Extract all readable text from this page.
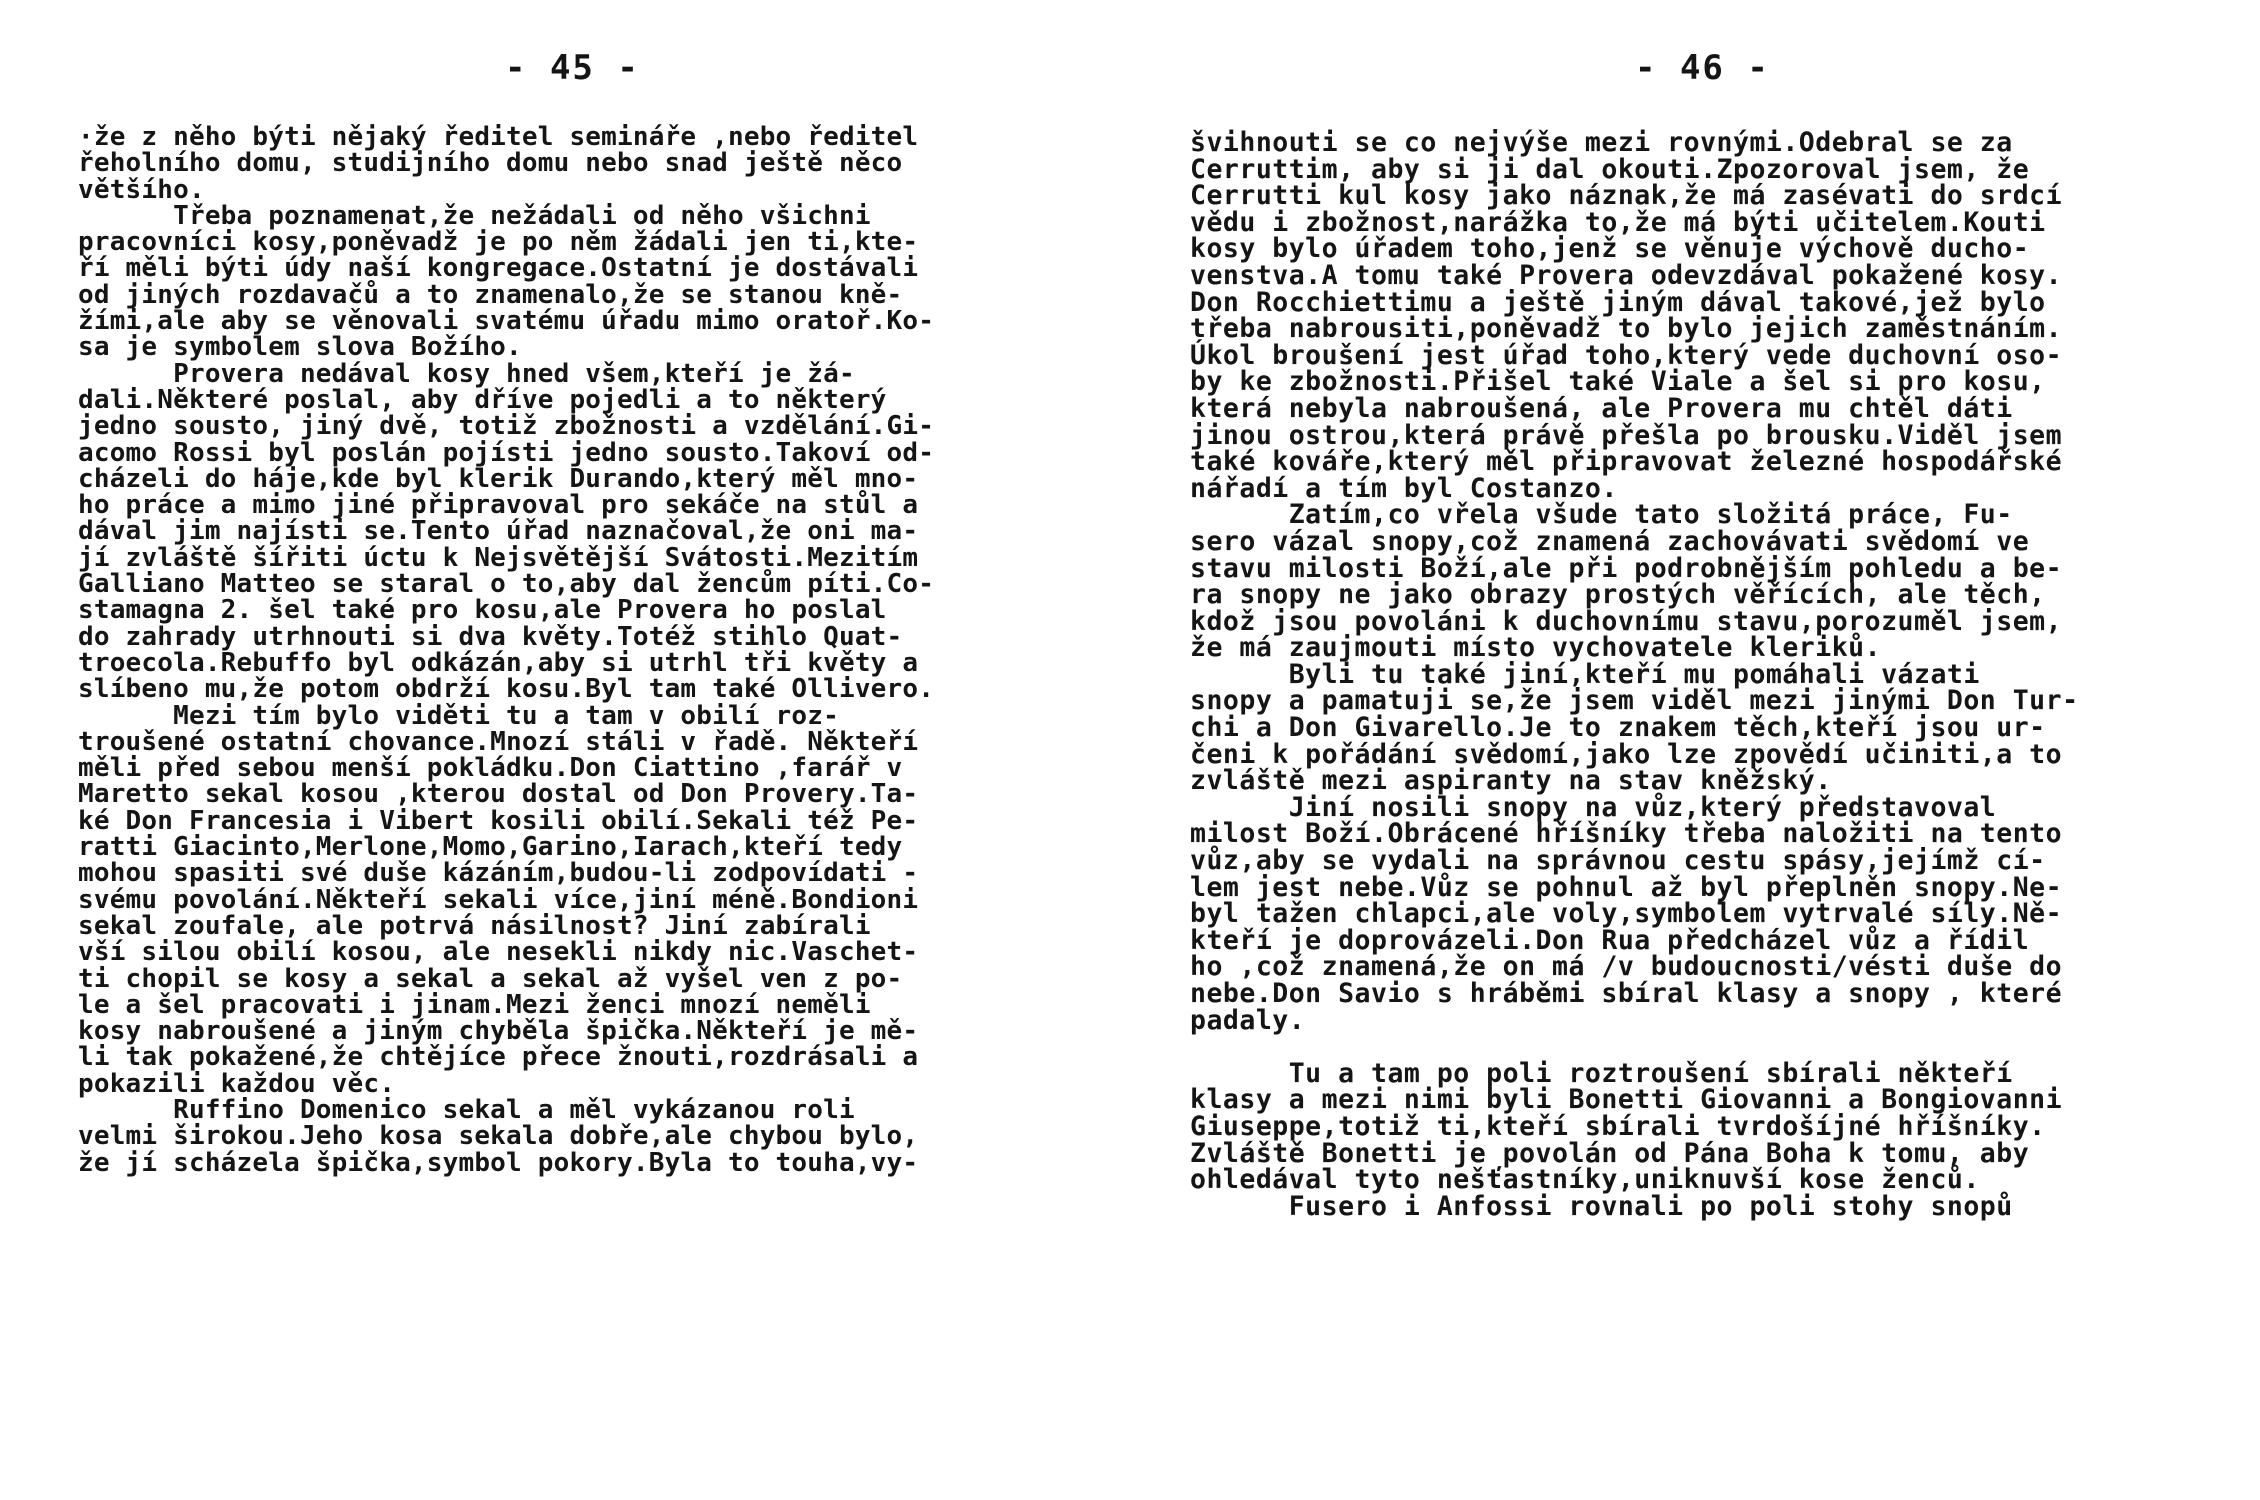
- 45 -

·že z něho býti nějaký ředitel semináře ,nebo ředitel
řeholního domu, studijního domu nebo snad ještě něco
většího.
Třeba poznamenat,že nežádali od něho všichni
pracovníci kosy,poněvadž je po něm žádali jen ti,kte-
ří měli býti údy naší kongregace.Ostatní je dostávali
od jiných rozdavačů a to znamenalo,že se stanou kně-
žími,ale aby se věnovali svatému úřadu mimo oratoř.Ko-
sa je symbolem slova Božího.
Provera nedával kosy hned všem,kteří je žá-
dali.Některé poslal, aby dříve pojedli a to některý
jedno sousto, jiný dvě, totiž zbožnosti a vzdělání.Gi-
acomo Rossi byl poslán pojísti jedno sousto.Takoví od-
cházeli do háje,kde byl klerik Durando,který měl mno-
ho práce a mimo jiné připravoval pro sekáče na stůl a
dával jim najísti se.Tento úřad naznačoval,že oni ma-
jí zvláště šířiti úctu k Nejsvětější Svátosti.Mezitím
Galliano Matteo se staral o to,aby dal žencům píti.Co-
stamagna 2. šel také pro kosu,ale Provera ho poslal
do zahrady utrhnouti si dva květy.Totéž stihlo Quat-
troecola.Rebuffo byl odkázán,aby si utrhl tři květy a
slíbeno mu,že potom obdrží kosu.Byl tam také Ollivero.
Mezi tím bylo viděti tu a tam v obilí roz-
troušené ostatní chovance.Mnozí stáli v řadě. Někteří
měli před sebou menší pokládku.Don Ciattino ,farář v
Maretto sekal kosou ,kterou dostal od Don Provery.Ta-
ké Don Francesia i Vibert kosili obilí.Sekali též Pe-
ratti Giacinto,Merlone,Momo,Garino,Iarach,kteří tedy
mohou spasiti své duše kázáním,budou-li zodpovídati -
svému povolání.Někteří sekali více,jiní méně.Bondioni
sekal zoufale, ale potrvá násilnost? Jiní zabírali
vší silou obilí kosou, ale nesekli nikdy nic.Vaschet-
ti chopil se kosy a sekal a sekal až vyšel ven z po-
le a šel pracovati i jinam.Mezi ženci mnozí neměli
kosy nabroušené a jiným chyběla špička.Někteří je mě-
li tak pokažené,že chtějíce přece žnouti,rozdrásali a
pokazili každou věc.
Ruffino Domenico sekal a měl vykázanou roli
velmi širokou.Jeho kosa sekala dobře,ale chybou bylo,
že jí scházela špička,symbol pokory.Byla to touha,vy-

- 46 -

švihnouti se co nejvýše mezi rovnými.Odebral se za
Cerruttim, aby si ji dal okouti.Zpozoroval jsem, že
Cerrutti kul kosy jako náznak,že má zasévati do srdcí
vědu i zbožnost,narážka to,že má býti učitelem.Kouti
kosy bylo úřadem toho,jenž se věnuje výchově ducho-
venstva.A tomu také Provera odevzdával pokažené kosy.
Don Rocchiettimu a ještě jiným dával takové,jež bylo
třeba nabrousiti,poněvadž to bylo jejich zaměstnáním.
Úkol broušení jest úřad toho,který vede duchovní oso-
by ke zbožnosti.Přišel také Viale a šel si pro kosu,
která nebyla nabroušená, ale Provera mu chtěl dáti
jinou ostrou,která právě přešla po brousku.Viděl jsem
také kováře,který měl připravovat železné hospodářské
nářadí a tím byl Costanzo.
Zatím,co vřela všude tato složitá práce, Fu-
sero vázal snopy,což znamená zachovávati svědomí ve
stavu milosti Boží,ale při podrobnějším pohledu a be-
ra snopy ne jako obrazy prostých věřících, ale těch,
kdož jsou povoláni k duchovnímu stavu,porozuměl jsem,
že má zaujmouti místo vychovatele kleriků.
Byli tu také jiní,kteří mu pomáhali vázati
snopy a pamatuji se,že jsem viděl mezi jinými Don Tur-
chi a Don Givarello.Je to znakem těch,kteří jsou ur-
čeni k pořádání svědomí,jako lze zpovědí učiniti,a to
zvláště mezi aspiranty na stav kněžský.
Jiní nosili snopy na vůz,který představoval
milost Boží.Obrácené hříšníky třeba naložiti na tento
vůz,aby se vydali na správnou cestu spásy,jejímž cí-
lem jest nebe.Vůz se pohnul až byl přeplněn snopy.Ne-
byl tažen chlapci,ale voly,symbolem vytrvalé síly.Ně-
kteří je doprovázeli.Don Rua předcházel vůz a řídil
ho ,což znamená,že on má /v budoucnosti/vésti duše do
nebe.Don Savio s hráběmi sbíral klasy a snopy , které
padaly.
Tu a tam po poli roztroušení sbírali někteří
klasy a mezi nimi byli Bonetti Giovanni a Bongiovanni
Giuseppe,totiž ti,kteří sbírali tvrdošíjné hříšníky.
Zvláště Bonetti je povolán od Pána Boha k tomu, aby
ohledával tyto nešťastníky,uniknuvší kose ženců.
Fusero i Anfossi rovnali po poli stohy snopů
